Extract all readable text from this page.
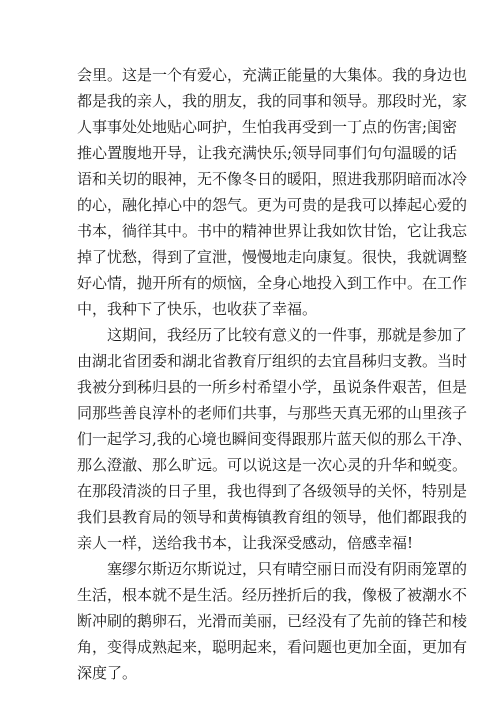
会里。这是一个有爱心，充满正能量的大集体。我的身边也
都是我的亲人，我的朋友，我的同事和领导。那段时光，家
人事事处处地贴心呵护，生怕我再受到一丁点的伤害;闺密
推心置腹地开导，让我充满快乐;领导同事们句句温暖的话
语和关切的眼神，无不像冬日的暖阳，照进我那阴暗而冰冷
的心，融化掉心中的怨气。更为可贵的是我可以捧起心爱的
书本，徜徉其中。书中的精神世界让我如饮甘饴，它让我忘
掉了忧愁，得到了宣泄，慢慢地走向康复。很快，我就调整
好心情，抛开所有的烦恼，全身心地投入到工作中。在工作
中，我种下了快乐，也收获了幸福。
这期间，我经历了比较有意义的一件事，那就是参加了
由湖北省团委和湖北省教育厅组织的去宜昌秭归支教。当时
我被分到秭归县的一所乡村希望小学，虽说条件艰苦，但是
同那些善良淳朴的老师们共事，与那些天真无邪的山里孩子
们一起学习,我的心境也瞬间变得跟那片蓝天似的那么干净、
那么澄澈、那么旷远。可以说这是一次心灵的升华和蜕变。
在那段清淡的日子里，我也得到了各级领导的关怀，特别是
我们县教育局的领导和黄梅镇教育组的领导，他们都跟我的
亲人一样，送给我书本，让我深受感动，倍感幸福!
塞缪尔斯迈尔斯说过，只有晴空丽日而没有阴雨笼罩的
生活，根本就不是生活。经历挫折后的我，像极了被潮水不
断冲刷的鹅卵石，光滑而美丽，已经没有了先前的锋芒和棱
角，变得成熟起来，聪明起来，看问题也更加全面，更加有
深度了。
